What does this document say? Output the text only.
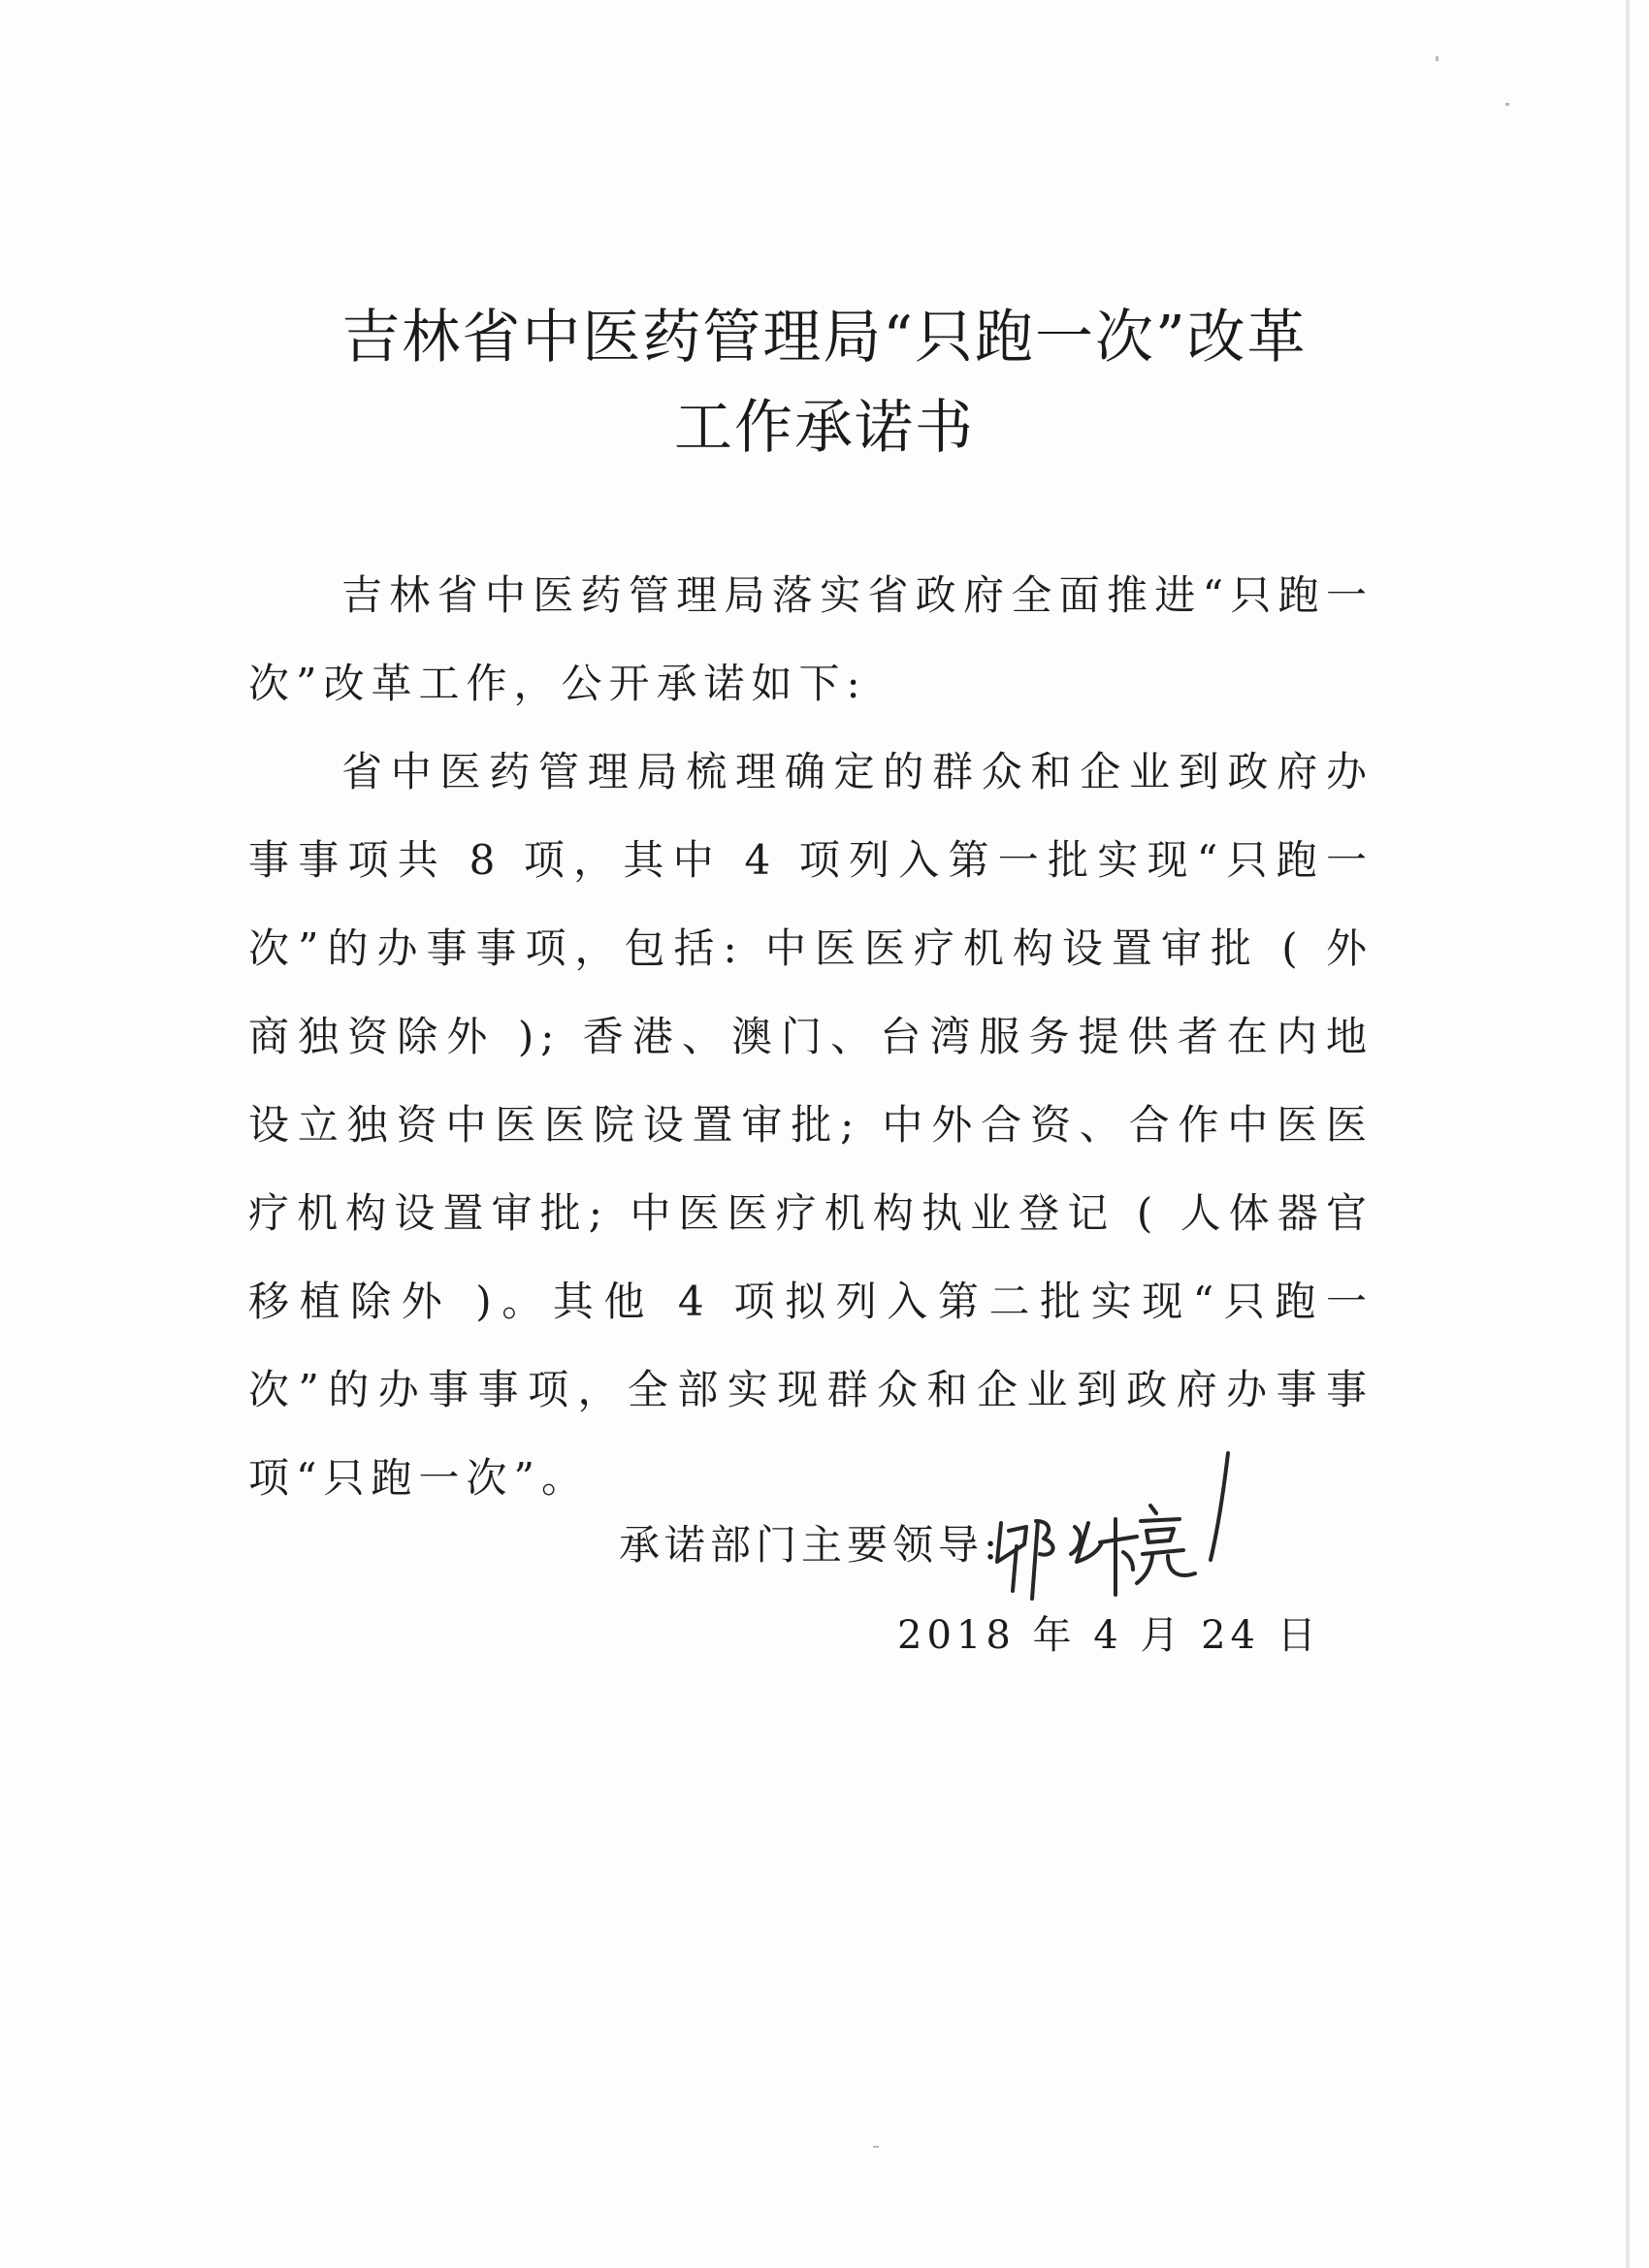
吉林省中医药管理局“只跑一次”改革
工作承诺书
吉林省中医药管理局落实省政府全面推进“只跑一次”改革工作，公开承诺如下:
省中医药管理局梳理确定的群众和企业到政府办事事项共 8 项，其中 4 项列入第一批实现“只跑一次”的办事事项，包括: 中医医疗机构设置审批 ( 外商独资除外 ); 香港、澳门、台湾服务提供者在内地设立独资中医医院设置审批; 中外合资、合作中医医疗机构设置审批; 中医医疗机构执业登记 ( 人体器官移植除外 )。其他 4 项拟列入第二批实现“只跑一次”的办事事项，全部实现群众和企业到政府办事事项“只跑一次”。
承诺部门主要领导:
2018 年 4 月 24 日
